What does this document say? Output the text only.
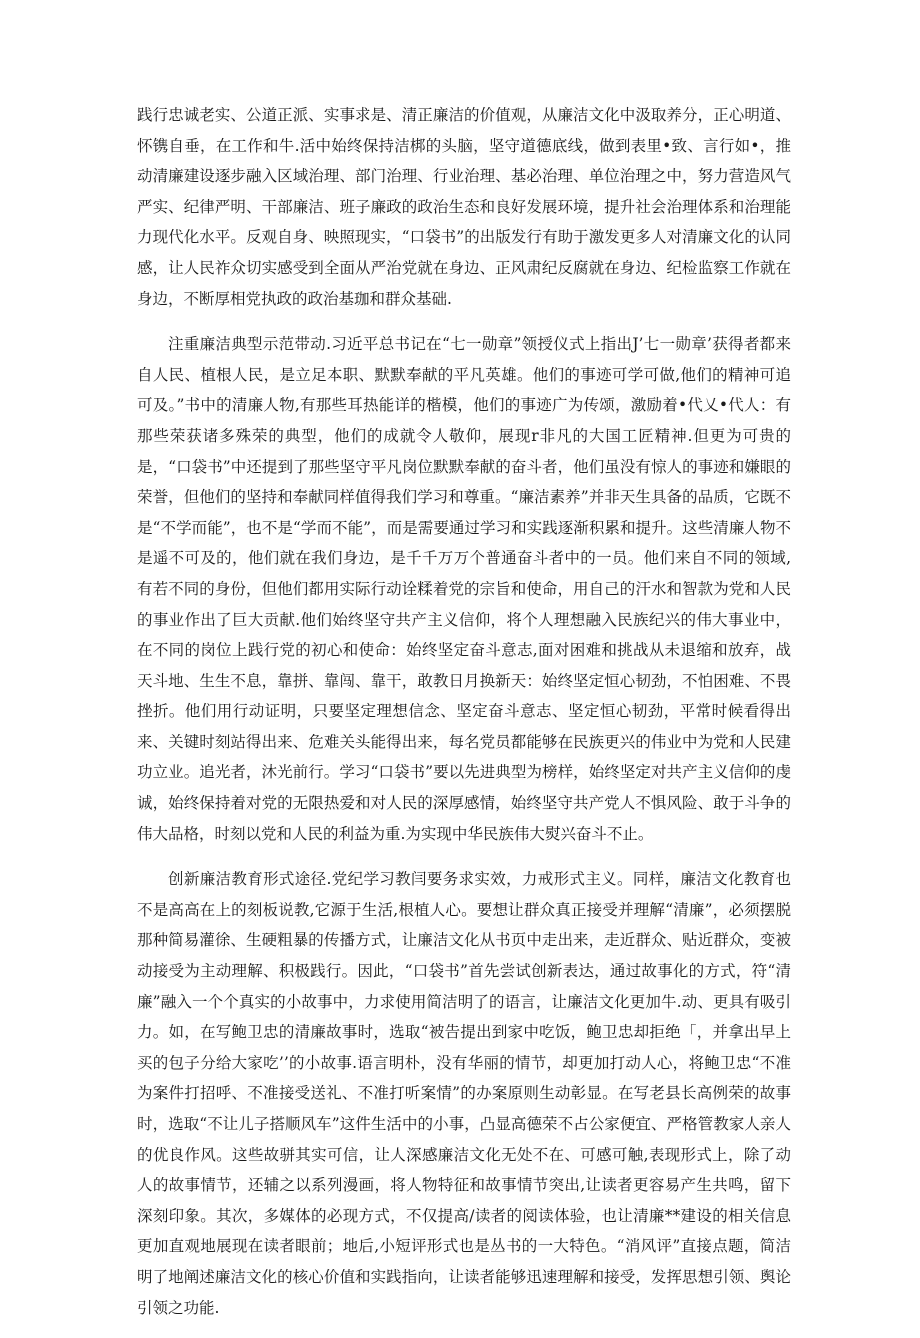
践行忠诚老实、公道正派、实事求是、清正廉洁的价值观，从廉洁文化中汲取养分，正心明道、怀镌自垂，在工作和牛.活中始终保持洁梆的头脑，坚守道德底线，做到表里•致、言行如•，推动清廉建设逐步融入区域治理、部门治理、行业治理、基必治理、单位治理之中，努力营造风气严实、纪律严明、干部廉洁、班子廉政的政治生态和良好发展环境，提升社会治理体系和治理能力现代化水平。反观自身、映照现实，“口袋书”的出版发行有助于激发更多人对清廉文化的认同感，让人民祚众切实感受到全面从严治党就在身边、正风肃纪反腐就在身边、纪检监察工作就在身边，不断厚相党执政的政治基珈和群众基础.

注重廉洁典型示范带动.习近平总书记在“七一勋章”领授仪式上指出J’七一勋章’获得者都来自人民、植根人民，是立足本职、默默奉献的平凡英雄。他们的事迹可学可做,他们的精神可追可及。”书中的清廉人物,有那些耳热能详的楷模，他们的事迹广为传颂，激励着•代乂•代人：有那些荣获诸多殊荣的典型，他们的成就令人敬仰，展现r非凡的大国工匠精神.但更为可贵的是，“口袋书”中还提到了那些坚守平凡岗位默默奉献的奋斗者，他们虽没有惊人的事迹和嫌眼的荣誉，但他们的坚持和奉献同样值得我们学习和尊重。“廉洁素养”并非天生具备的品质，它既不是“不学而能”，也不是“学而不能”，而是需要通过学习和实践逐渐积累和提升。这些清廉人物不是遥不可及的，他们就在我们身边，是千千万万个普通奋斗者中的一员。他们来自不同的领域,有若不同的身份，但他们都用实际行动诠糅着党的宗旨和使命，用自己的汗水和智款为党和人民的事业作出了巨大贡献.他们始终坚守共产主义信仰，将个人理想融入民族纪兴的伟大事业中，在不同的岗位上践行党的初心和使命：始终坚定奋斗意志,面对困难和挑战从未退缩和放弃，战天斗地、生生不息，靠拼、靠闯、靠干，敢教日月换新天：始终坚定恒心韧劲，不怕困难、不畏挫折。他们用行动证明，只要坚定理想信念、坚定奋斗意志、坚定恒心韧劲，平常时候看得出来、关键时刻站得出来、危难关头能得出来，每名党员都能够在民族更兴的伟业中为党和人民建功立业。追光者，沐光前行。学习“口袋书”要以先进典型为榜样，始终坚定对共产主义信仰的虔诚，始终保持着对党的无限热爱和对人民的深厚感情，始终坚守共产党人不惧风险、敢于斗争的伟大品格，时刻以党和人民的利益为重.为实现中华民族伟大熨兴奋斗不止。

创新廉洁教育形式途径.党纪学习教闫要务求实效，力戒形式主义。同样，廉洁文化教育也不是高高在上的刻板说教,它源于生活,根植人心。要想让群众真正接受并理解“清廉”，必须摆脱那种简易灌徐、生硬粗暴的传播方式，让廉洁文化从书页中走出来，走近群众、贴近群众，变被动接受为主动理解、积极践行。因此，“口袋书”首先尝试创新表达，通过故事化的方式，符“清廉”融入一个个真实的小故事中，力求使用简洁明了的语言，让廉洁文化更加牛.动、更具有吸引力。如，在写鲍卫忠的清廉故事时，选取“被告提出到家中吃饭，鲍卫忠却拒绝「，并拿出早上买的包子分给大家吃’’的小故事.语言明朴，没有华丽的情节，却更加打动人心，将鲍卫忠“不准为案件打招呼、不准接受送礼、不准打听案情”的办案原则生动彰显。在写老县长高例荣的故事时，选取“不让儿子搭顺风车”这件生活中的小事，凸显高德荣不占公家便宜、严格管教家人亲人的优良作风。这些故骈其实可信，让人深感廉洁文化无处不在、可感可触,表现形式上，除了动人的故事情节，还辅之以系列漫画，将人物特征和故事情节突出,让读者更容易产生共鸣，留下深刻印象。其次，多媒体的必现方式，不仅提高/读者的阅读体验，也让清廉**建设的相关信息更加直观地展现在读者眼前；地后,小短评形式也是丛书的一大特色。“消风评”直接点题，简洁明了地阐述廉洁文化的核心价值和实践指向，让读者能够迅速理解和接受，发挥思想引领、舆论引领之功能.
